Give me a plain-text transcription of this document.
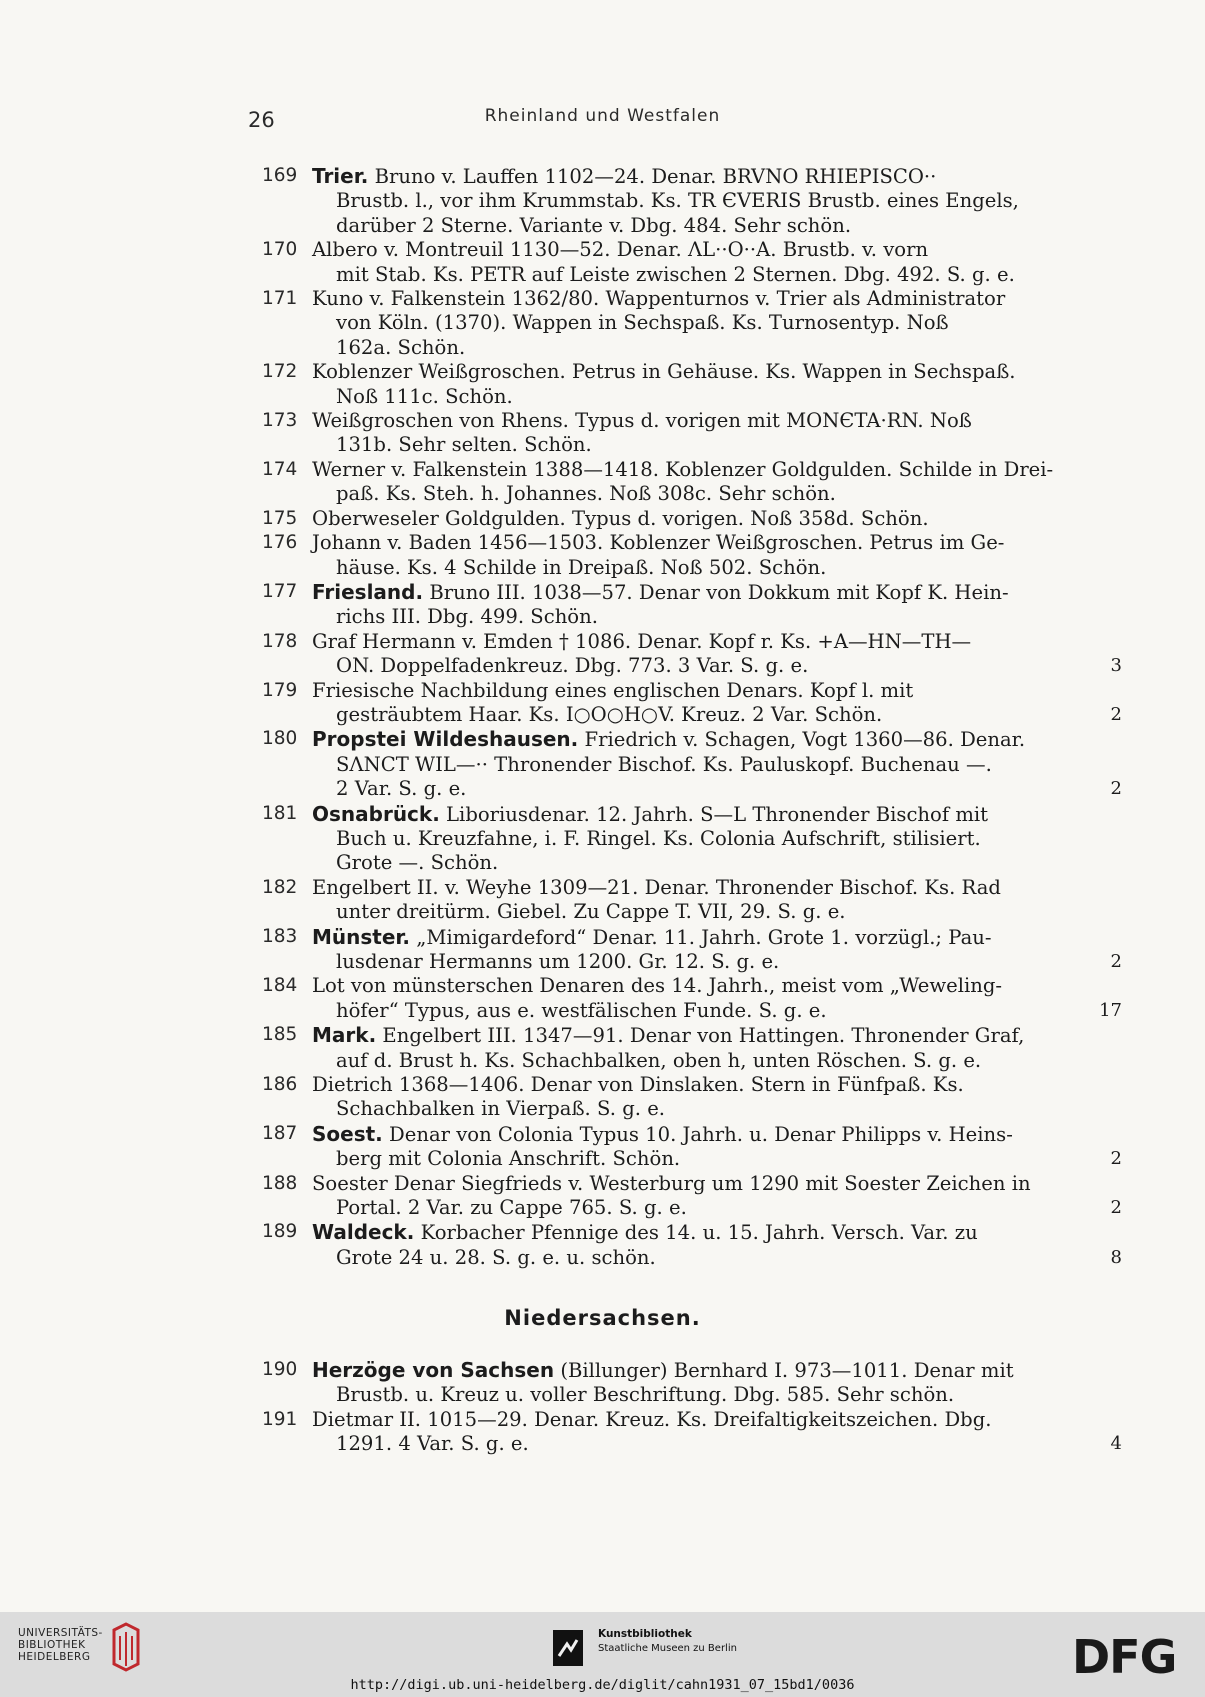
26	Rheinland und Westfalen
169 Trier. Bruno v. Lauffen 1102—24. Denar. BRVNO RHIEPISCO··
Brustb. l., vor ihm Krummstab. Ks. TR ЄVERIS Brustb. eines Engels,
darüber 2 Sterne. Variante v. Dbg. 484. Sehr schön.
170 Albero v. Montreuil 1130—52. Denar. ΛL··O··A. Brustb. v. vorn
mit Stab. Ks. PETR auf Leiste zwischen 2 Sternen. Dbg. 492. S. g. e.
171 Kuno v. Falkenstein 1362/80. Wappenturnos v. Trier als Administrator
von Köln. (1370). Wappen in Sechspaß. Ks. Turnosentyp. Noß
162a. Schön.
172 Koblenzer Weißgroschen. Petrus in Gehäuse. Ks. Wappen in Sechspaß.
Noß 111c. Schön.
173 Weißgroschen von Rhens. Typus d. vorigen mit MONЄTA·RN. Noß
131b. Sehr selten. Schön.
174 Werner v. Falkenstein 1388—1418. Koblenzer Goldgulden. Schilde in Drei-
paß. Ks. Steh. h. Johannes. Noß 308c. Sehr schön.
175 Oberweseler Goldgulden. Typus d. vorigen. Noß 358d. Schön.
176 Johann v. Baden 1456—1503. Koblenzer Weißgroschen. Petrus im Ge-
häuse. Ks. 4 Schilde in Dreipaß. Noß 502. Schön.
177 Friesland. Bruno III. 1038—57. Denar von Dokkum mit Kopf K. Hein-
richs III. Dbg. 499. Schön.
178 Graf Hermann v. Emden † 1086. Denar. Kopf r. Ks. +A—HN—TH—
ON. Doppelfadenkreuz. Dbg. 773. 3 Var. S. g. e.	3
179 Friesische Nachbildung eines englischen Denars. Kopf l. mit
gesträubtem Haar. Ks. I○O○H○V. Kreuz. 2 Var. Schön.	2
180 Propstei Wildeshausen. Friedrich v. Schagen, Vogt 1360—86. Denar.
SΛNCT WIL—·· Thronender Bischof. Ks. Pauluskopf. Buchenau —.
2 Var. S. g. e.	2
181 Osnabrück. Liboriusdenar. 12. Jahrh. S—L Thronender Bischof mit
Buch u. Kreuzfahne, i. F. Ringel. Ks. Colonia Aufschrift, stilisiert.
Grote —. Schön.
182 Engelbert II. v. Weyhe 1309—21. Denar. Thronender Bischof. Ks. Rad
unter dreitürm. Giebel. Zu Cappe T. VII, 29. S. g. e.
183 Münster. „Mimigardeford“ Denar. 11. Jahrh. Grote 1. vorzügl.; Pau-
lusdenar Hermanns um 1200. Gr. 12. S. g. e.	2
184 Lot von münsterschen Denaren des 14. Jahrh., meist vom „Weweling-
höfer“ Typus, aus e. westfälischen Funde. S. g. e.	17
185 Mark. Engelbert III. 1347—91. Denar von Hattingen. Thronender Graf,
auf d. Brust h. Ks. Schachbalken, oben h, unten Röschen. S. g. e.
186 Dietrich 1368—1406. Denar von Dinslaken. Stern in Fünfpaß. Ks.
Schachbalken in Vierpaß. S. g. e.
187 Soest. Denar von Colonia Typus 10. Jahrh. u. Denar Philipps v. Heins-
berg mit Colonia Anschrift. Schön.	2
188 Soester Denar Siegfrieds v. Westerburg um 1290 mit Soester Zeichen in
Portal. 2 Var. zu Cappe 765. S. g. e.	2
189 Waldeck. Korbacher Pfennige des 14. u. 15. Jahrh. Versch. Var. zu
Grote 24 u. 28. S. g. e. u. schön.	8
Niedersachsen.
190 Herzöge von Sachsen (Billunger) Bernhard I. 973—1011. Denar mit
Brustb. u. Kreuz u. voller Beschriftung. Dbg. 585. Sehr schön.
191 Dietmar II. 1015—29. Denar. Kreuz. Ks. Dreifaltigkeitszeichen. Dbg.
1291. 4 Var. S. g. e.	4
UNIVERSITÄTS-
BIBLIOTHEK
HEIDELBERG
Kunstbibliothek
Staatliche Museen zu Berlin	DFG
http://digi.ub.uni-heidelberg.de/diglit/cahn1931_07_15bd1/0036
